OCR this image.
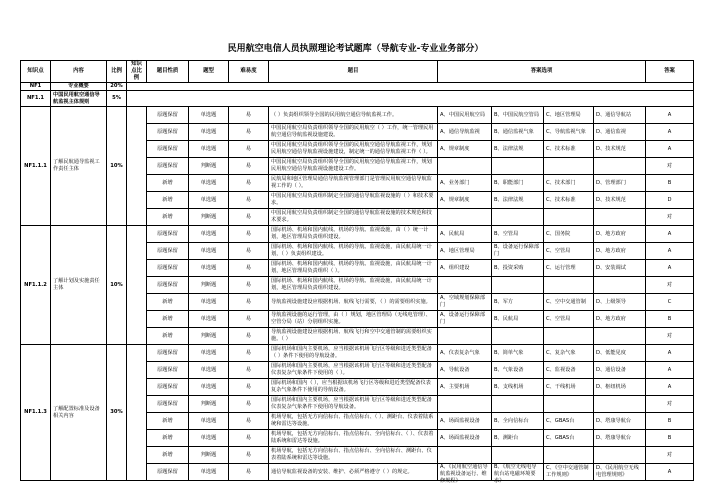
民用航空电信人员执照理论考试题库（导航专业-专业业务部分）
知识点	内容	比例	知识点比例	题目性质	题型	难易度	题目	答案选项				答案
NF1	专业概要	20%										
NF1.1	中国民用航空通信导航监视主体规则	5%										
NF1.1.1	了解民航通导监视工作责任主体	10%		原题保留	单选题	易	（ ）负责组织领导全国的民用航空通信导航监视工作。	A、中国民用航空局	B、中国民航空管局	C、地区管理局	D、通信导航站	A

				原题保留	单选题	易	中国民用航空局负责组织领导全国的民用航空（ ）工作，统一管理民用航空通信导航监视设施建设。	A、通信导航监视	B、通信监视气象	C、导航监视气象	D、通信监视	A

				原题保留	单选题	易	中国民用航空局负责组织领导全国的民用航空通信导航监视工作，规划民用航空通信导航监视设施建设，制定统一的通信导航监视工作（ ）。	A、规章制度	B、法律法规	C、技术标准	D、技术规范	A

				原题保留	判断题	易	中国民用航空局负责组织领导全国的民用航空通信导航监视工作，规划民用航空通信导航监视设施建设工作。					对

				新增	单选题	易	民航局和地区管理局通信导航监视管理部门是管理民用航空通信导航监视工作的（ ）。	A、业务部门	B、职能部门	C、技术部门	D、管理部门	B

				新增	单选题	易	中国民用航空局负责组织制定全国的通信导航监视设施的（ ）和技术要求。	A、规章制度	B、法律法规	C、技术标准	D、技术规范	D

				新增	判断题	易	中国民用航空局负责组织制定全国的通信导航监视设施的技术规范和技术要求。					对
NF1.1.2	了解计划及实施责任主体	10%		原题保留	单选题	易	国际机场、机场和国内航线、机场的导航、监视设施，由（ ）统一计划，地区管理局负责组织建设。	A、民航局	B、空管局	C、国务院	D、地方政府	A

				原题保留	单选题	易	国际机场、机场和国内航线、机场的导航、监视设施，由民航局统一计划，（ ）负责组织建设。	A、地区管理局	B、设备运行保障部门	C、空管局	D、地方政府	A

				原题保留	单选题	易	国际机场、机场和国内航线、机场的导航、监视设施，由民航局统一计划，地区管理局负责组织（ ）。	A、组织建设	B、投资采购	C、运行管理	D、安装调试	A

				原题保留	判断题	易	国际机场、机场和国内航线、机场的导航、监视设施，由民航局统一计划，地区管理局负责组织建设。					对

				新增	单选题	易	导航监视设施建设应根据机场、航线飞行需要，（ ）的需要组织实施。	A、空域规划保障部门	B、军方	C、空中交通管制	D、上级领导	C

				新增	单选题	易	导航监视设施的运行管理，由（ ）规划，地区管理局（无线电管理）、空管分局（站）分别组织实施。	A、设备运行保障部门	B、民航局	C、空管局	D、地方政府	B

				新增	判断题	易	导航监视设施建设应根据机场、航线飞行和空中交通管制的需要组织实施。（ ）					对
NF1.1.3	了解配置标准及设备相关内容	30%		原题保留	单选题	易	国际机场和国内主要机场，应当根据该机场飞行区等级和进近类型配备（ ）条件下使用的导航设备。	A、仪表复杂气象	B、简单气象	C、复杂气象	D、低能见度	A

				原题保留	单选题	易	国际机场和国内主要机场，应当根据该机场飞行区等级和进近类型配备仪表复杂气象条件下使用的（ ）。	A、导航设备	B、气象设备	C、监视设备	D、通信设备	A

				原题保留	单选题	易	国际机场和国内（ ），应当根据该机场飞行区等级和进近类型配备仪表复杂气象条件下使用的导航设备。	A、主要机场	B、支线机场	C、干线机场	D、枢纽机场	A

				原题保留	判断题	易	国际机场和国内主要机场，应当根据该机场飞行区等级和进近类型配备仪表复杂气象条件下使用的导航设备。					对

				新增	单选题	易	机场导航，包括无方向信标台、指点信标台、（ ）、测距台、仪表着陆系统和雷达等设施。	A、场面监视设备	B、全向信标台	C、GBAS台	D、塔康导航台	B

				新增	单选题	易	机场导航，包括无方向信标台、指点信标台、全向信标台、（ ）、仪表着陆系统和雷达等设施。	A、场面监视设备	B、测距台	C、GBAS台	D、塔康导航台	B

				新增	判断题	易	机场导航，包括无方向信标台、指点信标台、全向信标台、测距台、仪表着陆系统和雷达等设施。					对

				原题保留	单选题	易	通信导航监视设备的安装、维护、必须严格遵守（ ）的规定。	A、《民用航空通信导航监视设备运行、维修规程》	B、《航空无线电导航台站电磁环境要求》	C、《空中交通管制工作规则》	D、《民用航空无线电管理规则》	A
